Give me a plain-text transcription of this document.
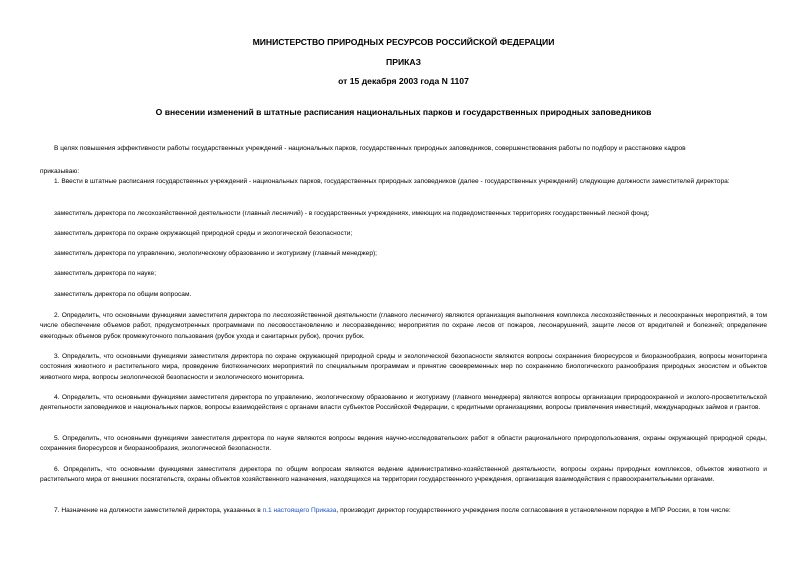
МИНИСТЕРСТВО ПРИРОДНЫХ РЕСУРСОВ РОССИЙСКОЙ ФЕДЕРАЦИИ
ПРИКАЗ
от 15 декабря 2003 года N 1107
О внесении изменений в штатные расписания национальных парков и государственных природных заповедников
В целях повышения эффективности работы государственных учреждений - национальных парков, государственных природных заповедников, совершенствования работы по подбору и расстановке кадров
приказываю:
1. Ввести в штатные расписания государственных учреждений - национальных парков, государственных природных заповедников (далее - государственных учреждений) следующие должности заместителей директора:
заместитель директора по лесохозяйственной деятельности (главный лесничий) - в государственных учреждениях, имеющих на подведомственных территориях государственный лесной фонд;
заместитель директора по охране окружающей природной среды и экологической безопасности;
заместитель директора по управлению, экологическому образованию и экотуризму (главный менеджер);
заместитель директора по науке;
заместитель директора по общим вопросам.
2. Определить, что основными функциями заместителя директора по лесохозяйственной деятельности (главного лесничего) являются организация выполнения комплекса лесохозяйственных и лесоохранных мероприятий, в том числе обеспечение объемов работ, предусмотренных программами по лесовосстановлению и лесоразведению; мероприятия по охране лесов от пожаров, лесонарушений, защите лесов от вредителей и болезней; определение ежегодных объемов рубок промежуточного пользования (рубок ухода и санитарных рубок), прочих рубок.
3. Определить, что основными функциями заместителя директора по охране окружающей природной среды и экологической безопасности являются вопросы сохранения биоресурсов и биоразнообразия, вопросы мониторинга состояния животного и растительного мира, проведение биотехнических мероприятий по специальным программам и принятие своевременных мер по сохранению биологического разнообразия природных экосистем и объектов животного мира, вопросы экологической безопасности и экологического мониторинга.
4. Определить, что основными функциями заместителя директора по управлению, экологическому образованию и экотуризму (главного менеджера) являются вопросы организации природоохранной и эколого-просветительской деятельности заповедников и национальных парков, вопросы взаимодействия с органами власти субъектов Российской Федерации, с кредитными организациями, вопросы привлечения инвестиций, международных займов и грантов.
5. Определить, что основными функциями заместителя директора по науке являются вопросы ведения научно-исследовательских работ в области рационального природопользования, охраны окружающей природной среды, сохранения биоресурсов и биоразнообразия, экологической безопасности.
6. Определить, что основными функциями заместителя директора по общим вопросам являются ведение административно-хозяйственной деятельности, вопросы охраны природных комплексов, объектов животного и растительного мира от внешних посягательств, охраны объектов хозяйственного назначения, находящихся на территории государственного учреждения, организация взаимодействия с правоохранительными органами.
7. Назначение на должности заместителей директора, указанных в п.1 настоящего Приказа, производит директор государственного учреждения после согласования в установленном порядке в МПР России, в том числе:
